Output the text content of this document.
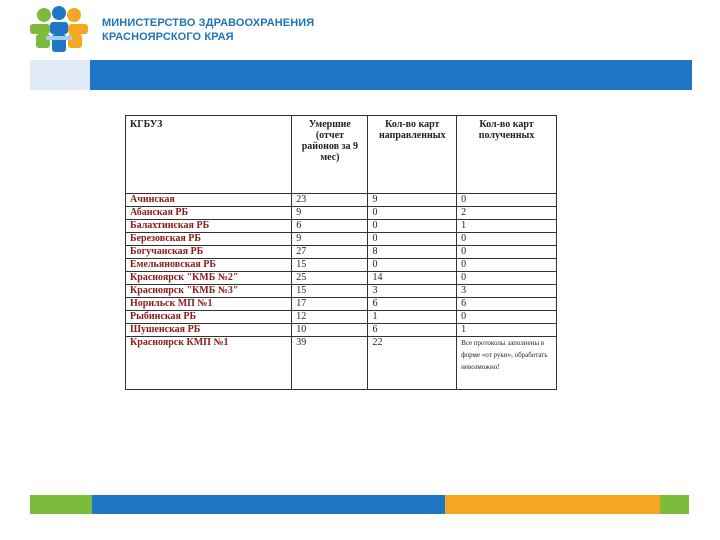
МИНИСТЕРСТВО ЗДРАВООХРАНЕНИЯ
КРАСНОЯРСКОГО КРАЯ
КГБУЗ	Умершие (отчет районов за 9 мес)	Кол-во карт направленных	Кол-во карт полученных
Ачинская	23	9	0
Абанская РБ	9	0	2
Балахтинская РБ	6	0	1
Березовская РБ	9	0	0
Богучанская РБ	27	8	0
Емельяновская РБ	15	0	0
Красноярск "КМБ №2"	25	14	0
Красноярск "КМБ №3"	15	3	3
Норильск МП №1	17	6	6
Рыбинская РБ	12	1	0
Шушенская РБ	10	6	1
Красноярск КМП №1	39	22	Все протоколы заполнены в форме «от руки», обработать невозможно!
